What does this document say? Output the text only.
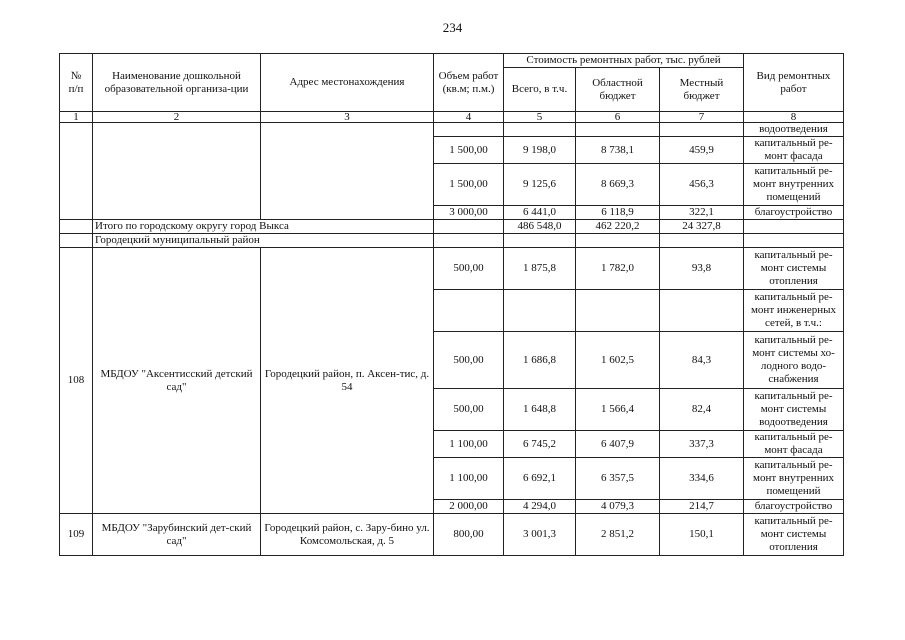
234
№
п/п	Наименование дошкольной образовательной организа-ции	Адрес местонахождения	Объем работ (кв.м; п.м.)	Стоимость ремонтных работ, тыс. рублей			Вид ремонтных работ
				Всего, в т.ч.	Областной бюджет	Местный бюджет	
1	2	3	4	5	6	7	8
							водоотведения
			1 500,00	9 198,0	8 738,1	459,9	капитальный ре-монт фасада
			1 500,00	9 125,6	8 669,3	456,3	капитальный ре-монт внутренних помещений
			3 000,00	6 441,0	6 118,9	322,1	благоустройство
	Итого по городскому округу город Выкса			486 548,0	462 220,2	24 327,8	
	Городецкий муниципальный район						
108	МБДОУ "Аксентисский детский сад"	Городецкий район, п. Аксен-тис, д. 54	500,00	1 875,8	1 782,0	93,8	капитальный ре-монт системы отопления
							капитальный ре-монт инженерных сетей, в т.ч.:
			500,00	1 686,8	1 602,5	84,3	капитальный ре-монт системы хо-лодного водо-снабжения
			500,00	1 648,8	1 566,4	82,4	капитальный ре-монт системы водоотведения
			1 100,00	6 745,2	6 407,9	337,3	капитальный ре-монт фасада
			1 100,00	6 692,1	6 357,5	334,6	капитальный ре-монт внутренних помещений
			2 000,00	4 294,0	4 079,3	214,7	благоустройство
109	МБДОУ "Зарубинский дет-ский сад"	Городецкий район, с. Зару-бино ул. Комсомольская, д. 5	800,00	3 001,3	2 851,2	150,1	капитальный ре-монт системы отопления
